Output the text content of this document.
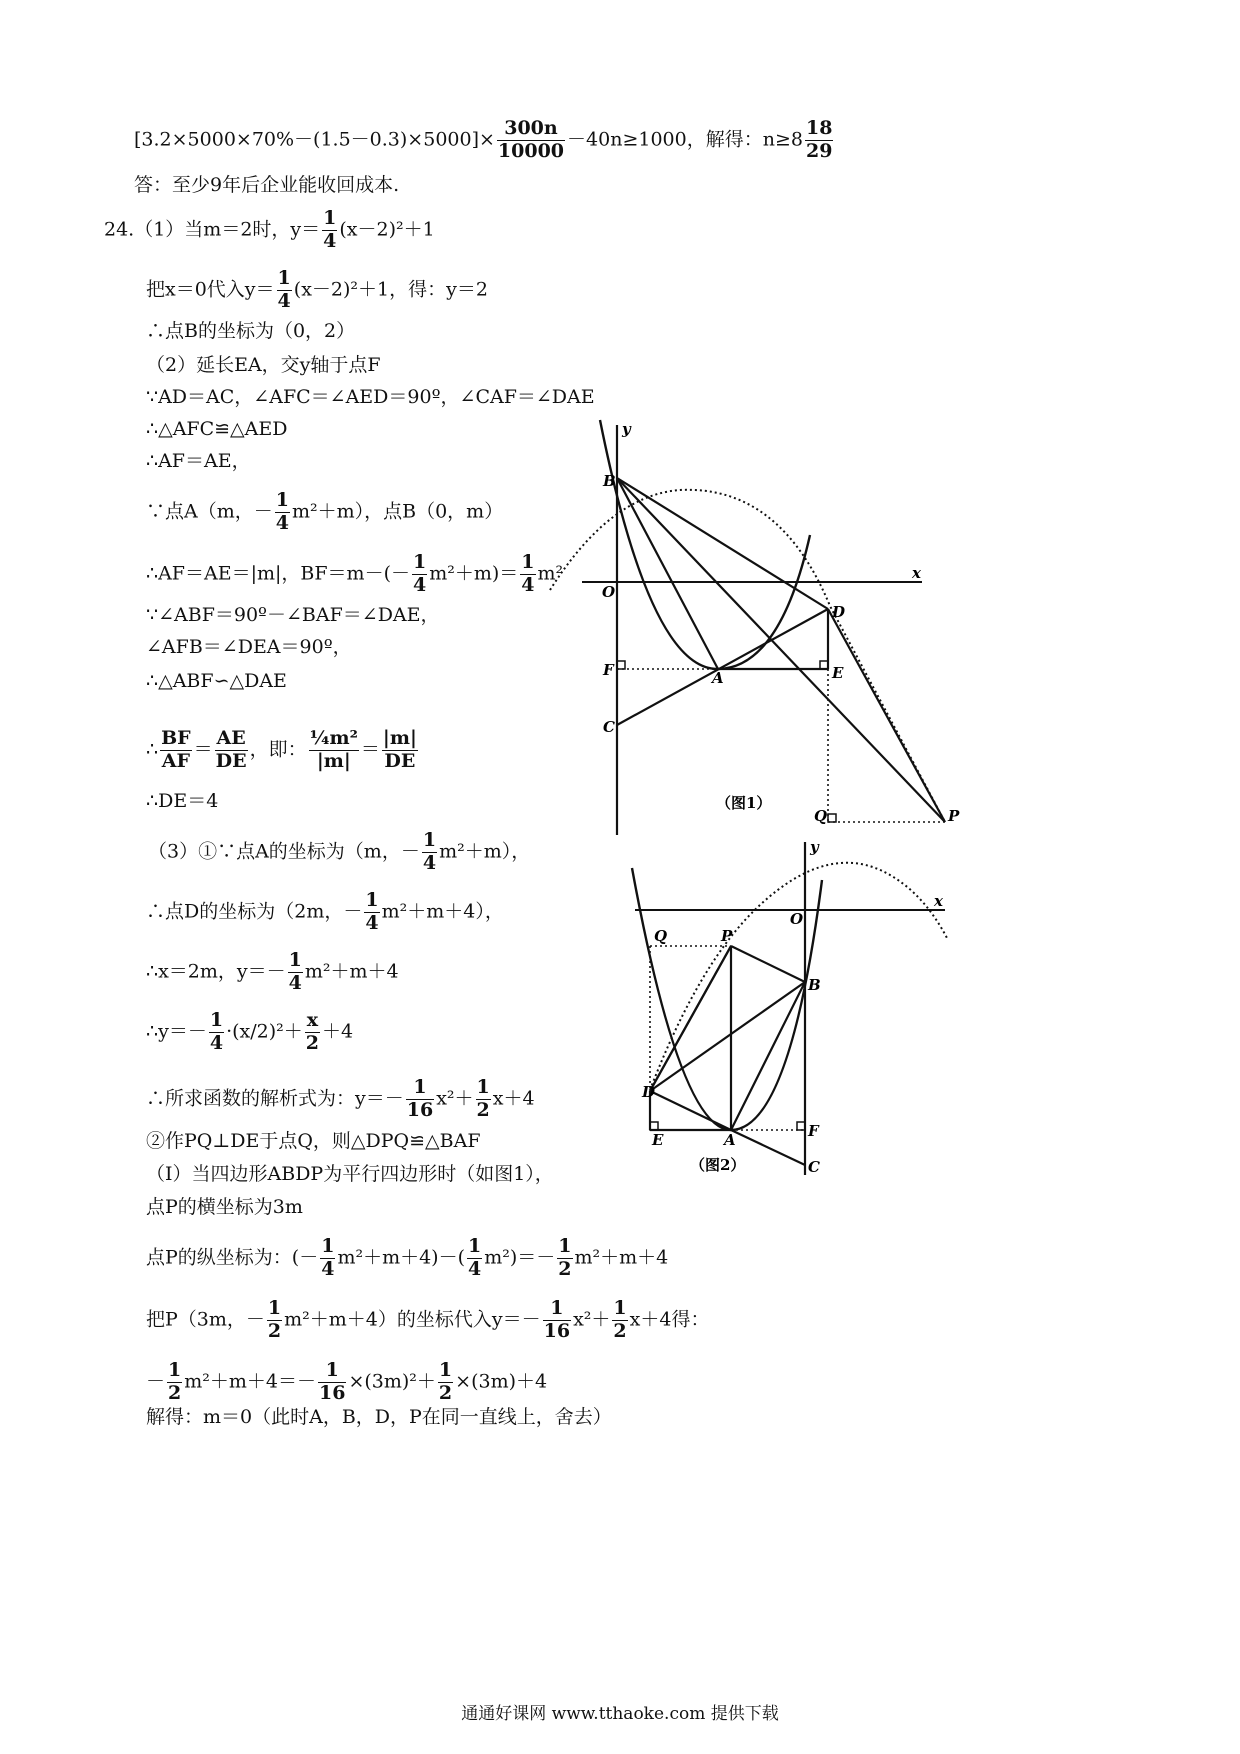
$[3.2\times 5000\times 70\%-(1.5-0.3)\times 5000]\times \frac{300n}{10000} -40n\ge 1000$，解得：$n\ge 8 \frac{18}{29}$
答：至少9年后企业能收回成本.
24.（1）当m＝2时，$y= \frac{1}{4} (x-2)^2+1$
把x＝0代入$y= \frac{1}{4} (x-2)^2+1$，得：y＝2
∴点B的坐标为（0，2）
（2）延长EA，交y轴于点F
∵AD＝AC，∠AFC＝∠AED＝90º，∠CAF＝∠DAE
∴△AFC≌△AED
∴AF＝AE，
∵点A（m，－ $\frac{1}{4} m^2+m$），点B（0，m）
∴AF＝AE＝|m|，$BF=m-(- \frac{1}{4} m^2+m)= \frac{1}{4} m^2$
∵∠ABF＝90º－∠BAF＝∠DAE，
∠AFB＝∠DEA＝90º，
∴△ABF∽△DAE
∴ $\frac{BF}{AF} = \frac{AE}{DE}$ ，即： $\frac{\text{¼m²}}{|m|} = \frac{|m|}{DE}$
∴DE＝4
（3）①∵点A的坐标为（m，－ $\frac{1}{4} m^2+m$），
∴点D的坐标为（2m，－ $\frac{1}{4} m^2+m+4$），
∴x＝2m，$y=- \frac{1}{4} m^2+m+4$
∴y＝－ $\frac{1}{4} \cdot(x/2)^2+ \frac{x}{2} +4$
∴所求函数的解析式为：$y=- \frac{1}{16} x^2+ \frac{1}{2} x+4$
②作PQ⊥DE于点Q，则△DPQ≌△BAF
（Ⅰ）当四边形ABDP为平行四边形时（如图1），
点P的横坐标为3m
点P的纵坐标为：(－ $\frac{1}{4} m^2+m+4)-( \frac{1}{4} m^2)=- \frac{1}{2} m^2+m+4$
把P（3m，－ $\frac{1}{2} m^2+m+4$）的坐标代入$y=- \frac{1}{16} x^2+ \frac{1}{2} x+4$得：
－ $\frac{1}{2} m^2+m+4=- \frac{1}{16} \times(3m)^2+ \frac{1}{2} \times(3m)+4$
解得：m＝0（此时A，B，D，P在同一直线上，舍去）
y
x
O
B
D
F	A	E
C
Q	P
（图1）
y
x
O
Q	P
B
D
E	A	F
C
（图2）
通通好课网 www.tthaoke.com 提供下载
